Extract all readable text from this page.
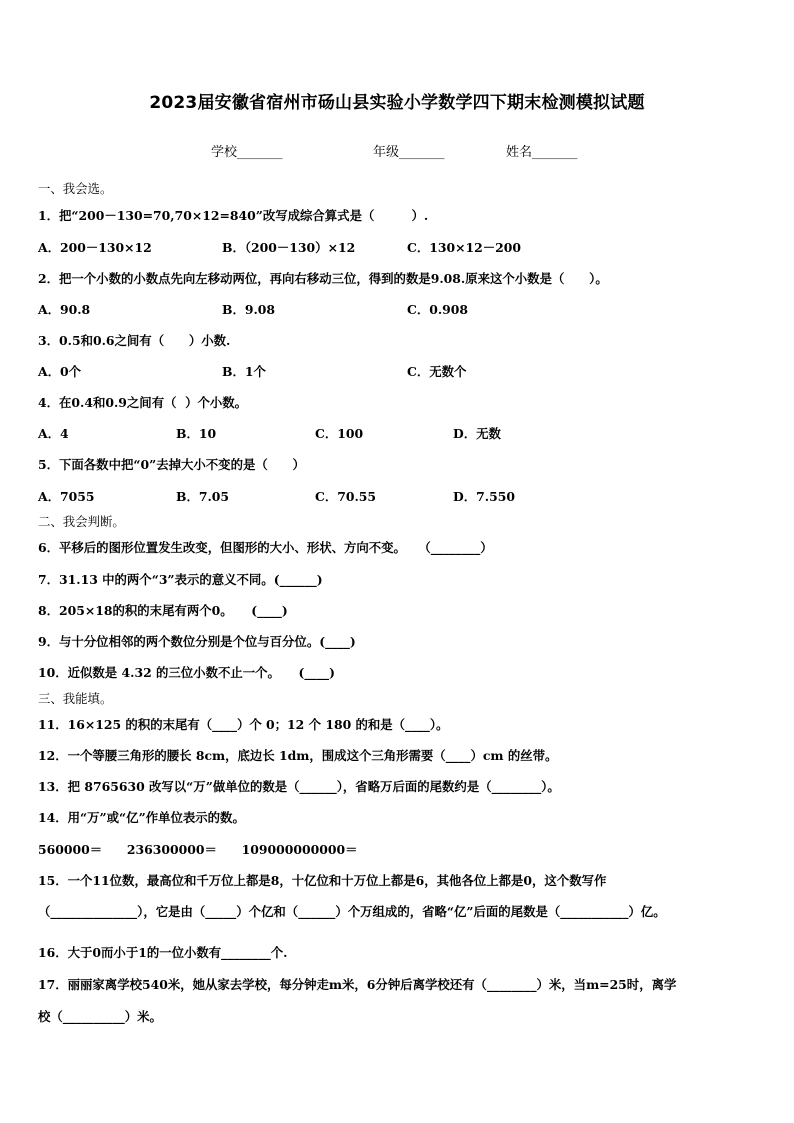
2023届安徽省宿州市砀山县实验小学数学四下期末检测模拟试题
学校_______	年级_______	姓名_______
一、我会选。
1．把“200－130=70,70×12=840”改写成综合算式是（　　　）.
A．200－130×12	B．（200－130）×12	C．130×12－200
2．把一个小数的小数点先向左移动两位，再向右移动三位，得到的数是9.08.原来这个小数是（　　）。
A．90.8	B．9.08	C．0.908
3．0.5和0.6之间有（　　）小数.
A．0个	B．1个	C．无数个
4．在0.4和0.9之间有（  ）个小数。
A．4	B．10	C．100	D．无数
5．下面各数中把“0”去掉大小不变的是（　　）
A．7055	B．7.05	C．70.55	D．7.550
二、我会判断。
6．平移后的图形位置发生改变，但图形的大小、形状、方向不变。　　（________）
7．31.13 中的两个“3”表示的意义不同。(______)
8．205×18的积的末尾有两个0。　　(____)
9．与十分位相邻的两个数位分别是个位与百分位。(____)
10．近似数是 4.32 的三位小数不止一个。　　(____)
三、我能填。
11．16×125 的积的末尾有（____）个 0；12 个 180 的和是（____）。
12．一个等腰三角形的腰长 8cm，底边长 1dm，围成这个三角形需要（____）cm 的丝带。
13．把 8765630 改写以“万”做单位的数是（______），省略万后面的尾数约是（________）。
14．用“万”或“亿”作单位表示的数。
560000＝　　236300000＝　　109000000000＝
15．一个11位数，最高位和千万位上都是8，十亿位和十万位上都是6，其他各位上都是0，这个数写作
（______________），它是由（_____）个亿和（______）个万组成的，省略“亿”后面的尾数是（___________）亿。
16．大于0而小于1的一位小数有________个.
17．丽丽家离学校540米，她从家去学校，每分钟走m米，6分钟后离学校还有（________）米，当m=25时，离学
校（__________）米。
